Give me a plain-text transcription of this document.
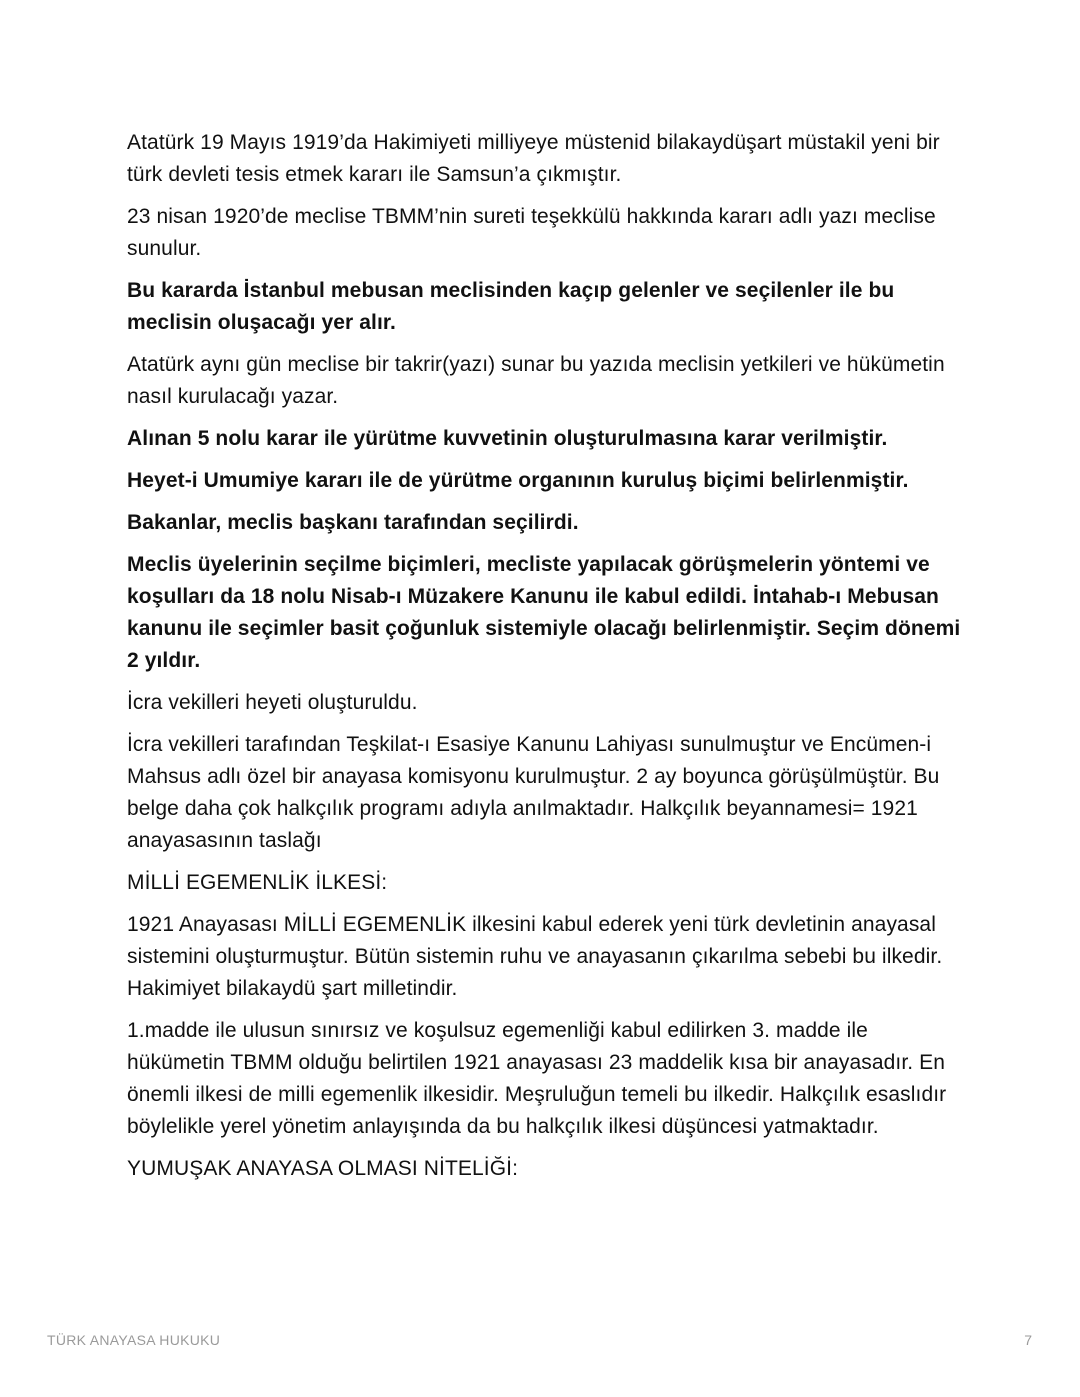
Atatürk 19 Mayıs 1919’da Hakimiyeti milliyeye müstenid bilakaydüşart müstakil yeni bir türk devleti tesis etmek kararı ile Samsun’a çıkmıştır.

23 nisan 1920’de meclise TBMM’nin sureti teşekkülü hakkında kararı adlı yazı meclise sunulur.

Bu kararda İstanbul mebusan meclisinden kaçıp gelenler ve seçilenler ile bu meclisin oluşacağı yer alır.

Atatürk aynı gün meclise bir takrir(yazı) sunar bu yazıda meclisin yetkileri ve hükümetin nasıl kurulacağı yazar.

Alınan 5 nolu karar ile yürütme kuvvetinin oluşturulmasına karar verilmiştir.

Heyet-i Umumiye kararı ile de yürütme organının kuruluş biçimi belirlenmiştir.

Bakanlar, meclis başkanı tarafından seçilirdi.

Meclis üyelerinin seçilme biçimleri, mecliste yapılacak görüşmelerin yöntemi ve koşulları da 18 nolu Nisab-ı Müzakere Kanunu ile kabul edildi. İntahab-ı Mebusan kanunu ile seçimler basit çoğunluk sistemiyle olacağı belirlenmiştir. Seçim dönemi 2 yıldır.

İcra vekilleri heyeti oluşturuldu.

İcra vekilleri tarafından Teşkilat-ı Esasiye Kanunu Lahiyası sunulmuştur ve Encümen-i Mahsus adlı özel bir anayasa komisyonu kurulmuştur. 2 ay boyunca görüşülmüştür. Bu belge daha çok halkçılık programı adıyla anılmaktadır. Halkçılık beyannamesi= 1921 anayasasının taslağı

MİLLİ EGEMENLİK İLKESİ:

1921 Anayasası MİLLİ EGEMENLİK ilkesini kabul ederek yeni türk devletinin anayasal sistemini oluşturmuştur. Bütün sistemin ruhu ve anayasanın çıkarılma sebebi bu ilkedir. Hakimiyet bilakaydü şart milletindir.

1.madde ile ulusun sınırsız ve koşulsuz egemenliği kabul edilirken 3. madde ile hükümetin TBMM olduğu belirtilen 1921 anayasası 23 maddelik kısa bir anayasadır. En önemli ilkesi de milli egemenlik ilkesidir. Meşruluğun temeli bu ilkedir. Halkçılık esaslıdır böylelikle yerel yönetim anlayışında da bu halkçılık ilkesi düşüncesi yatmaktadır.

YUMUŞAK ANAYASA OLMASI NİTELİĞİ:

TÜRK ANAYASA HUKUKU	7
